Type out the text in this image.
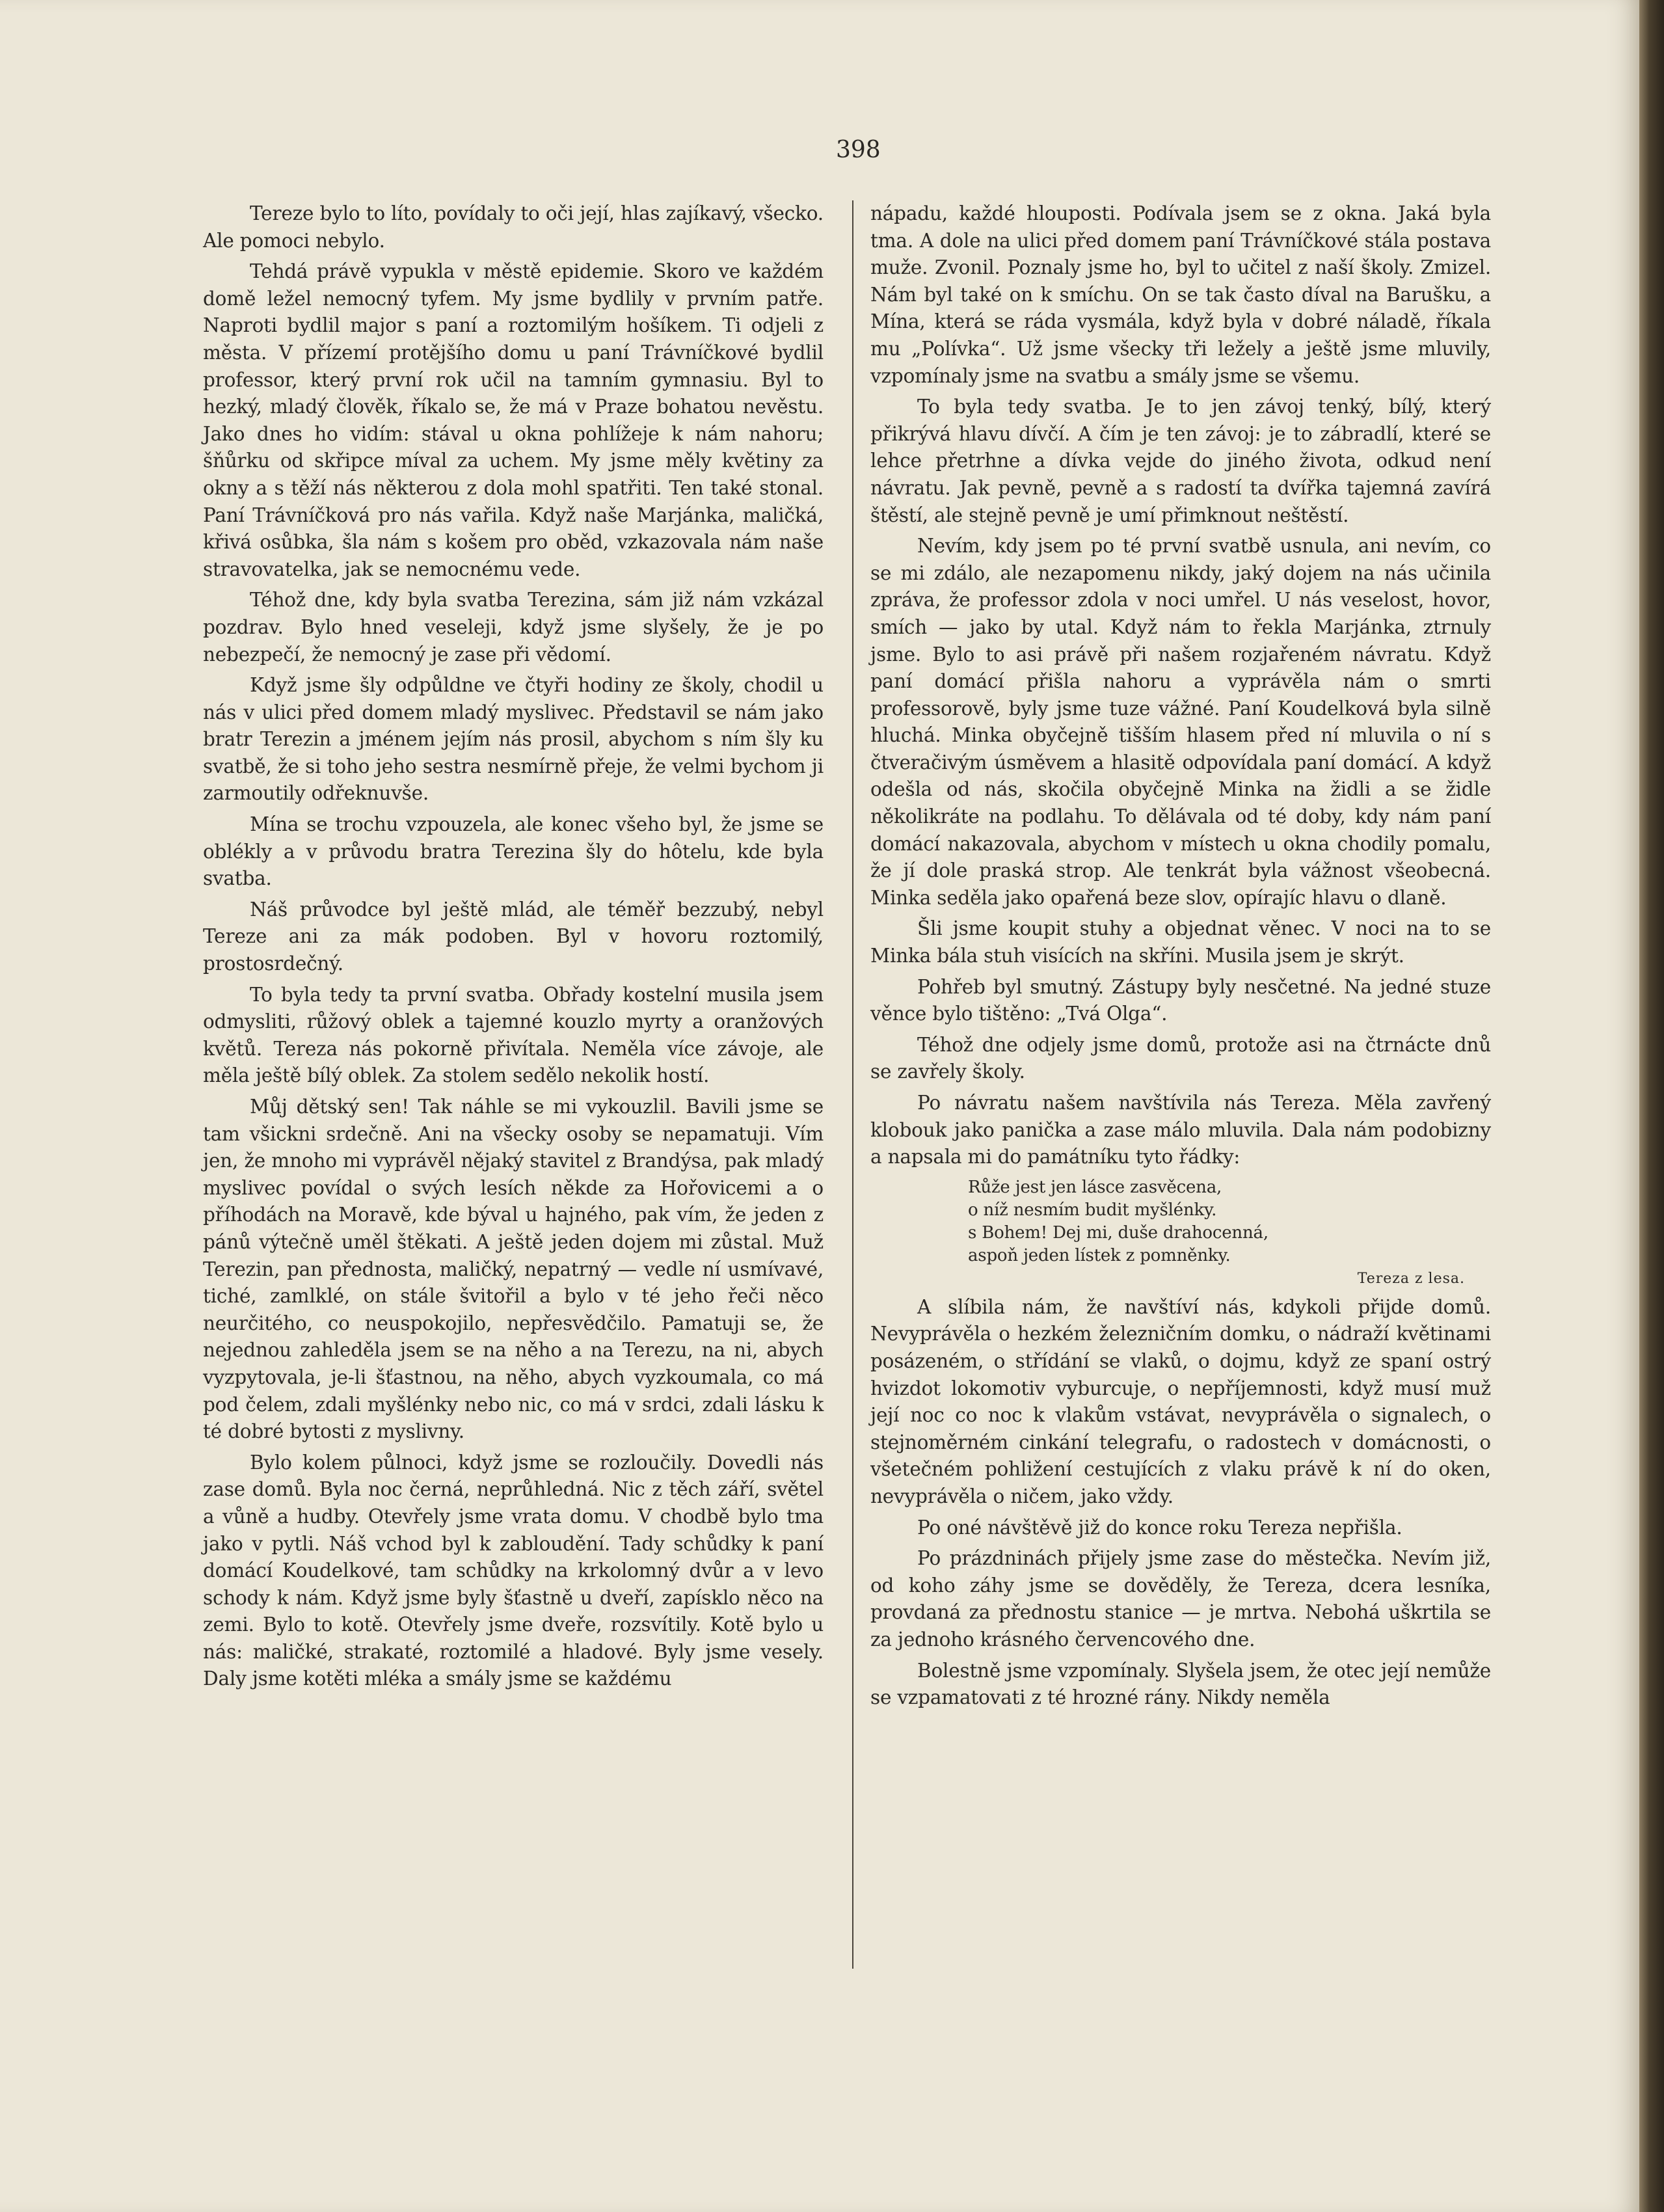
398

Tereze bylo to líto, povídaly to oči její, hlas zajíkavý, všecko. Ale pomoci nebylo.

Tehdá právě vypukla v městě epidemie. Skoro ve každém domě ležel nemocný tyfem. My jsme bydlily v prvním patře. Naproti bydlil major s paní a roztomilým hošíkem. Ti odjeli z města. V přízemí protějšího domu u paní Trávníčkové bydlil professor, který první rok učil na tamním gymnasiu. Byl to hezký, mladý člověk, říkalo se, že má v Praze bohatou nevěstu. Jako dnes ho vidím: stával u okna pohlížeje k nám nahoru; šňůrku od skřipce míval za uchem. My jsme měly květiny za okny a s těží nás některou z dola mohl spatřiti. Ten také stonal. Paní Trávníčková pro nás vařila. Když naše Marjánka, maličká, křivá osůbka, šla nám s košem pro oběd, vzkazovala nám naše stravovatelka, jak se nemocnému vede.

Téhož dne, kdy byla svatba Terezina, sám již nám vzkázal pozdrav. Bylo hned veseleji, když jsme slyšely, že je po nebezpečí, že nemocný je zase při vědomí.

Když jsme šly odpůldne ve čtyři hodiny ze školy, chodil u nás v ulici před domem mladý myslivec. Představil se nám jako bratr Terezin a jménem jejím nás prosil, abychom s ním šly ku svatbě, že si toho jeho sestra nesmírně přeje, že velmi bychom ji zarmoutily odřeknuvše.

Mína se trochu vzpouzela, ale konec všeho byl, že jsme se oblékly a v průvodu bratra Terezina šly do hôtelu, kde byla svatba.

Náš průvodce byl ještě mlád, ale téměř bezzubý, nebyl Tereze ani za mák podoben. Byl v hovoru roztomilý, prostosrdečný.

To byla tedy ta první svatba. Obřady kostelní musila jsem odmysliti, růžový oblek a tajemné kouzlo myrty a oranžových květů. Tereza nás pokorně přivítala. Neměla více závoje, ale měla ještě bílý oblek. Za stolem sedělo nekolik hostí.

Můj dětský sen! Tak náhle se mi vykouzlil. Bavili jsme se tam všickni srdečně. Ani na všecky osoby se nepamatuji. Vím jen, že mnoho mi vyprávěl nějaký stavitel z Brandýsa, pak mladý myslivec povídal o svých lesích někde za Hořovicemi a o příhodách na Moravě, kde býval u hajného, pak vím, že jeden z pánů výtečně uměl štěkati. A ještě jeden dojem mi zůstal. Muž Terezin, pan přednosta, maličký, nepatrný — vedle ní usmívavé, tiché, zamlklé, on stále švitořil a bylo v té jeho řeči něco neurčitého, co neuspokojilo, nepřesvědčilo. Pamatuji se, že nejednou zahleděla jsem se na něho a na Terezu, na ni, abych vyzpytovala, je-li šťastnou, na něho, abych vyzkoumala, co má pod čelem, zdali myšlénky nebo nic, co má v srdci, zdali lásku k té dobré bytosti z myslivny.

Bylo kolem půlnoci, když jsme se rozloučily. Dovedli nás zase domů. Byla noc černá, neprůhledná. Nic z těch září, světel a vůně a hudby. Otevřely jsme vrata domu. V chodbě bylo tma jako v pytli. Náš vchod byl k zabloudění. Tady schůdky k paní domácí Koudelkové, tam schůdky na krkolomný dvůr a v levo schody k nám. Když jsme byly šťastně u dveří, zapísklo něco na zemi. Bylo to kotě. Otevřely jsme dveře, rozsvítily. Kotě bylo u nás: maličké, strakaté, roztomilé a hladové. Byly jsme vesely. Daly jsme kotěti mléka a smály jsme se každému

nápadu, každé hlouposti. Podívala jsem se z okna. Jaká byla tma. A dole na ulici před domem paní Trávníčkové stála postava muže. Zvonil. Poznaly jsme ho, byl to učitel z naší školy. Zmizel. Nám byl také on k smíchu. On se tak často díval na Barušku, a Mína, která se ráda vysmála, když byla v dobré náladě, říkala mu „Polívka“. Už jsme všecky tři ležely a ještě jsme mluvily, vzpomínaly jsme na svatbu a smály jsme se všemu.

To byla tedy svatba. Je to jen závoj tenký, bílý, který přikrývá hlavu dívčí. A čím je ten závoj: je to zábradlí, které se lehce přetrhne a dívka vejde do jiného života, odkud není návratu. Jak pevně, pevně a s radostí ta dvířka tajemná zavírá štěstí, ale stejně pevně je umí přimknout neštěstí.

Nevím, kdy jsem po té první svatbě usnula, ani nevím, co se mi zdálo, ale nezapomenu nikdy, jaký dojem na nás učinila zpráva, že professor zdola v noci umřel. U nás veselost, hovor, smích — jako by utal. Když nám to řekla Marjánka, ztrnuly jsme. Bylo to asi právě při našem rozjařeném návratu. Když paní domácí přišla nahoru a vyprávěla nám o smrti professorově, byly jsme tuze vážné. Paní Koudelková byla silně hluchá. Minka obyčejně tišším hlasem před ní mluvila o ní s čtveračivým úsměvem a hlasitě odpovídala paní domácí. A když odešla od nás, skočila obyčejně Minka na židli a se židle několikráte na podlahu. To dělávala od té doby, kdy nám paní domácí nakazovala, abychom v místech u okna chodily pomalu, že jí dole praská strop. Ale tenkrát byla vážnost všeobecná. Minka seděla jako opařená beze slov, opírajíc hlavu o dlaně.

Šli jsme koupit stuhy a objednat věnec. V noci na to se Minka bála stuh visících na skříni. Musila jsem je skrýt.

Pohřeb byl smutný. Zástupy byly nesčetné. Na jedné stuze věnce bylo tištěno: „Tvá Olga“.

Téhož dne odjely jsme domů, protože asi na čtrnácte dnů se zavřely školy.

Po návratu našem navštívila nás Tereza. Měla zavřený klobouk jako panička a zase málo mluvila. Dala nám podobizny a napsala mi do památníku tyto řádky:

Růže jest jen lásce zasvěcena,
o níž nesmím budit myšlénky.
s Bohem! Dej mi, duše drahocenná,
aspoň jeden lístek z pomněnky.
Tereza z lesa.

A slíbila nám, že navštíví nás, kdykoli přijde domů. Nevyprávěla o hezkém železničním domku, o nádraží květinami posázeném, o střídání se vlaků, o dojmu, když ze spaní ostrý hvizdot lokomotiv vyburcuje, o nepříjemnosti, když musí muž její noc co noc k vlakům vstávat, nevyprávěla o signalech, o stejnoměrném cinkání telegrafu, o radostech v domácnosti, o všetečném pohližení cestujících z vlaku právě k ní do oken, nevyprávěla o ničem, jako vždy.

Po oné návštěvě již do konce roku Tereza nepřišla.

Po prázdninách přijely jsme zase do městečka. Nevím již, od koho záhy jsme se dověděly, že Tereza, dcera lesníka, provdaná za přednostu stanice — je mrtva. Nebohá uškrtila se za jednoho krásného červencového dne.

Bolestně jsme vzpomínaly. Slyšela jsem, že otec její nemůže se vzpamatovati z té hrozné rány. Nikdy neměla
